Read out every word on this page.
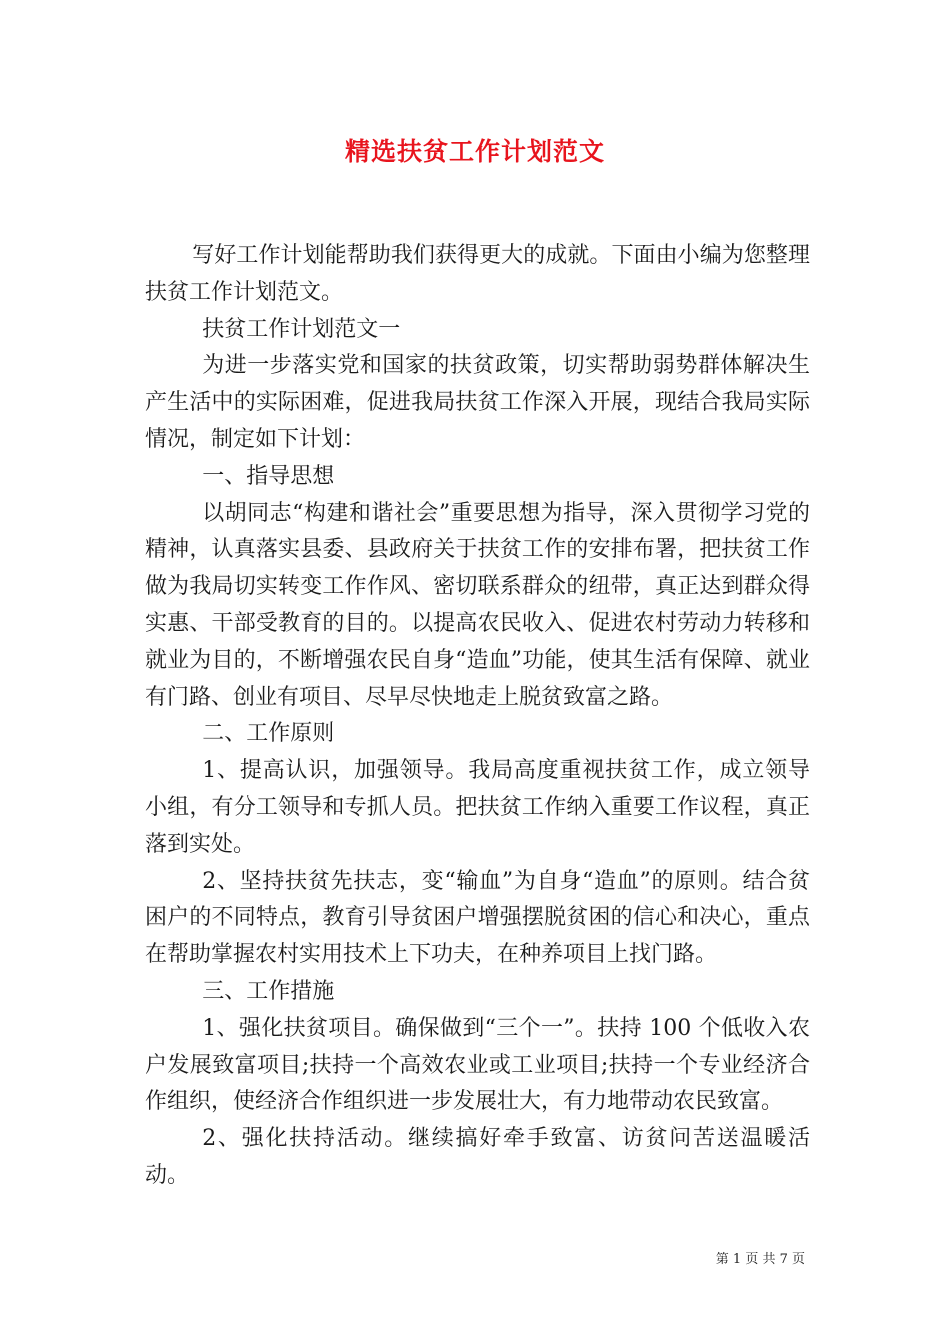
精选扶贫工作计划范文

写好工作计划能帮助我们获得更大的成就。下面由小编为您整理扶贫工作计划范文。

扶贫工作计划范文一

为进一步落实党和国家的扶贫政策，切实帮助弱势群体解决生产生活中的实际困难，促进我局扶贫工作深入开展，现结合我局实际情况，制定如下计划：

一、指导思想

以胡同志“构建和谐社会”重要思想为指导，深入贯彻学习党的精神，认真落实县委、县政府关于扶贫工作的安排布署，把扶贫工作做为我局切实转变工作作风、密切联系群众的纽带，真正达到群众得实惠、干部受教育的目的。以提高农民收入、促进农村劳动力转移和就业为目的，不断增强农民自身“造血”功能，使其生活有保障、就业有门路、创业有项目、尽早尽快地走上脱贫致富之路。

二、工作原则

1、提高认识，加强领导。我局高度重视扶贫工作，成立领导小组，有分工领导和专抓人员。把扶贫工作纳入重要工作议程，真正落到实处。

2、坚持扶贫先扶志，变“输血”为自身“造血”的原则。结合贫困户的不同特点，教育引导贫困户增强摆脱贫困的信心和决心，重点在帮助掌握农村实用技术上下功夫，在种养项目上找门路。

三、工作措施

1、强化扶贫项目。确保做到“三个一”。扶持 100 个低收入农户发展致富项目;扶持一个高效农业或工业项目;扶持一个专业经济合作组织，使经济合作组织进一步发展壮大，有力地带动农民致富。

2、强化扶持活动。继续搞好牵手致富、访贫问苦送温暖活动。

第 1 页 共 7 页
